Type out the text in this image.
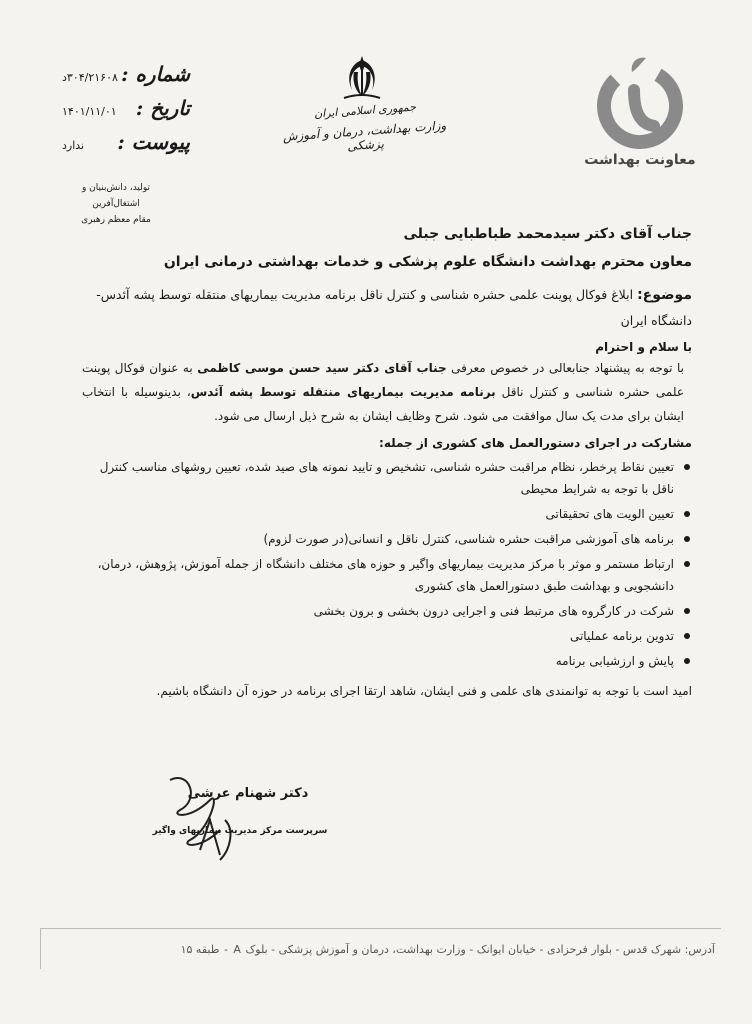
شماره :
۳۰۴/۲۱۶۰۸د
تاریخ :
۱۴۰۱/۱۱/۰۱
پیوست :
ندارد
تولید، دانش‌بنیان و اشتغال‌آفرین
مقام معظم رهبری
جمهوری اسلامی ایران
وزارت بهداشت، درمان و آموزش پزشکی
معاونت بهداشت

جناب آقای دکتر سیدمحمد طباطبایی جبلی

معاون محترم بهداشت دانشگاه علوم پزشکی و خدمات بهداشتی درمانی ایران

موضوع: ابلاغ فوکال پوینت علمی حشره شناسی و کنترل ناقل برنامه مدیریت بیماریهای منتقله توسط پشه آئدس-دانشگاه ایران

با سلام و احترام

با توجه به پیشنهاد جنابعالی در خصوص معرفی جناب آقای دکتر سید حسن موسی کاظمی به عنوان فوکال پوینت علمی حشره شناسی و کنترل ناقل برنامه مدیریت بیماریهای منتقله توسط پشه آئدس، بدینوسیله با انتخاب ایشان برای مدت یک سال موافقت می شود. شرح وظایف ایشان به شرح ذیل ارسال می شود.

مشارکت در اجرای دستورالعمل های کشوری از جمله:

تعیین نقاط پرخطر، نظام مراقبت حشره شناسی، تشخیص و تایید نمونه های صید شده، تعیین روشهای مناسب کنترل ناقل با توجه به شرایط محیطی
تعیین الویت های تحقیقاتی
برنامه های آموزشی مراقبت حشره شناسی، کنترل ناقل و انسانی(در صورت لزوم)
ارتباط مستمر و موثر با مرکز مدیریت بیماریهای واگیر و حوزه های مختلف دانشگاه از جمله آموزش، پژوهش، درمان، دانشجویی و بهداشت طبق دستورالعمل های کشوری
شرکت در کارگروه های مرتبط فنی و اجرایی درون بخشی و برون بخشی
تدوین برنامه عملیاتی
پایش و ارزشیابی برنامه

امید است با توجه به توانمندی های علمی و فنی ایشان، شاهد ارتقا اجرای برنامه در حوزه آن دانشگاه باشیم.

دکتر شهنام عرشی
سرپرست مرکز مدیریت بیماریهای واگیر
آدرس: شهرک قدس - بلوار فرحزادی - خیابان ایوانک - وزارت بهداشت، درمان و آموزش پزشکی - بلوک A - طبقه ۱۵
